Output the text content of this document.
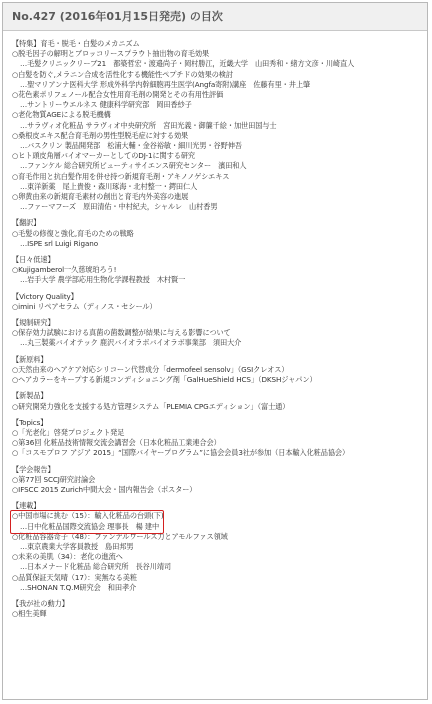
No.427 (2016年01月15日発売) の目次
【特集】育毛・脱毛・白髪のメカニズム
○脱毛因子の解明とブロッコリースプラウト抽出物の育毛効果
…毛髪クリニックリーブ21　都築哲宏・渡邉尚子・岡村勝江，近畿大学　山田秀和・緒方文彦・川崎直人
○白髪を防ぐ,メラニン合成を活性化する機能性ペプチドの効果の検討
…聖マリアンナ医科大学 形成外科学内幹細胞再生医学(Angfa寄附)講座　佐藤有里・井上肇
○花色素ポリフェノール配合女性用育毛剤の開発とその有用性評価
…サントリーウエルネス 健康科学研究部　岡田香紗子
○老化物質AGEによる脱毛機構
…サラヴィオ化粧品 サラヴィオ中央研究所　宮田光義・御簾千絵・加世田国与士
○桑根皮エキス配合育毛剤の男性型脱毛症に対する効果
…バスクリン 製品開発部　松浦大輔・金谷裕敏・細川光男・谷野伸吾
○ヒト頭皮角層バイオマーカーとしてのDJ-1に関する研究
…ファンケル 総合研究所ビューティサイエンス研究センター　濱田和人
○育毛作用と抗白髪作用を併せ持つ新規育毛剤・アキノノゲシエキス
…東洋新薬　尾上貴俊・森川琢海・北村整一・鍔田仁人
○卵黄由来の新規育毛素材の創出と育毛内外美容の進展
…ファーマフーズ　原田清佑・中村紀夫，シャルレ　山村香男
【翻訳】
○毛髪の修復と強化,育毛のための戦略
…ISPE srl Luigi Rigano
【日々低速】
○Kujigamberol一久慈琥珀ろう!
…岩手大学 農学部応用生物化学課程教授　木村賢一
【Victory Quality】
○imini リペアセラム（ディノス・セシール）
【規制研究】
○保存効力試験における真菌の菌数調整が結果に与える影響について
…丸三製薬バイオテック 鹿沢バイオラボバイオラボ事業部　須田大介
【新原料】
○天然由来のヘアケア対応シリコーン代替成分「dermofeel sensolv」（GSIクレオス）
○ヘアカラーをキープする新規コンディショニング剤「GalHueShield HCS」（DKSHジャパン）
【新製品】
○研究開発力強化を支援する処方管理システム「PLEMIA CPGエディション」（富士通）
【Topics】
○「光老化」啓発プロジェクト発足
○第36回 化粧品技術情報交流会講習会（日本化粧品工業連合会）
○「コスモプロフ アジア 2015」“国際バイヤープログラム”に協会会員3社が参加（日本輸入化粧品協会）
【学会報告】
○第77回 SCCJ研究討論会
○IFSCC 2015 Zurich中間大会・国内報告会（ポスター）
【連載】
○中国市場に挑む（15）：輸入化粧品の台頭(下)
…日中化粧品国際交流協会 理事長　楊 建中
○化粧品容器奇子（48）：ファンデルワールス力とアモルファス領域
…東京農業大学客員教授　島田邦男
○未来の美肌（34）：老化の進流へ
…日本メナード化粧品 総合研究所　長谷川靖司
○品質保証天気晴（17）：実無なる美粧
…SHONAN T.Q.M研究会　和田孝介
【我が社の動力】
○相生美輝
